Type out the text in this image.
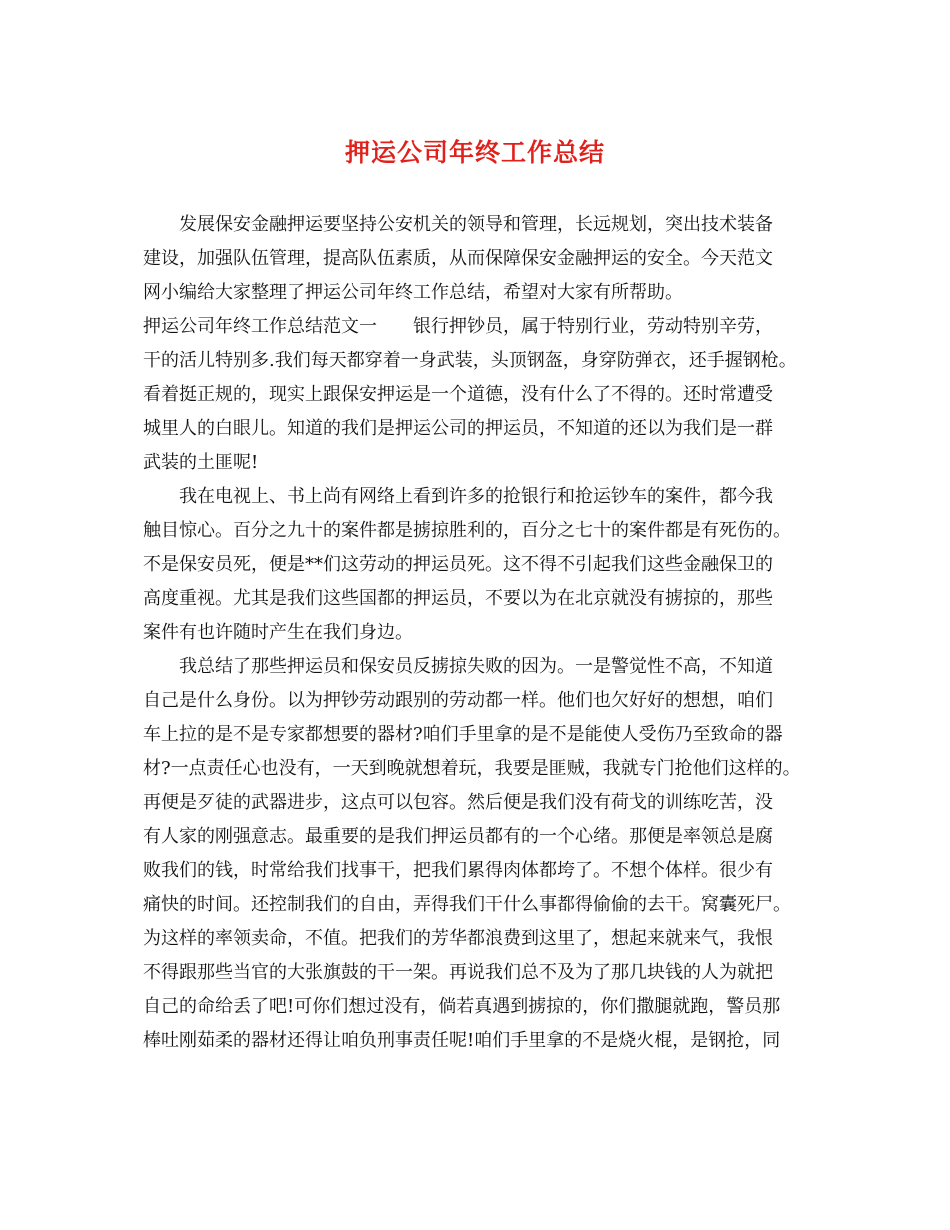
押运公司年终工作总结
发展保安金融押运要坚持公安机关的领导和管理，长远规划，突出技术装备
建设，加强队伍管理，提高队伍素质，从而保障保安金融押运的安全。今天范文
网小编给大家整理了押运公司年终工作总结，希望对大家有所帮助。
押运公司年终工作总结范文一　　银行押钞员，属于特别行业，劳动特别辛劳，
干的活儿特别多.我们每天都穿着一身武装，头顶钢盔，身穿防弹衣，还手握钢枪。
看着挺正规的，现实上跟保安押运是一个道德，没有什么了不得的。还时常遭受
城里人的白眼儿。知道的我们是押运公司的押运员，不知道的还以为我们是一群
武装的土匪呢!
我在电视上、书上尚有网络上看到许多的抢银行和抢运钞车的案件，都今我
触目惊心。百分之九十的案件都是掳掠胜利的，百分之七十的案件都是有死伤的。
不是保安员死，便是**们这劳动的押运员死。这不得不引起我们这些金融保卫的
高度重视。尤其是我们这些国都的押运员，不要以为在北京就没有掳掠的，那些
案件有也许随时产生在我们身边。
我总结了那些押运员和保安员反掳掠失败的因为。一是警觉性不高，不知道
自己是什么身份。以为押钞劳动跟别的劳动都一样。他们也欠好好的想想，咱们
车上拉的是不是专家都想要的器材?咱们手里拿的是不是能使人受伤乃至致命的器
材?一点责任心也没有，一天到晚就想着玩，我要是匪贼，我就专门抢他们这样的。
再便是歹徒的武器进步，这点可以包容。然后便是我们没有荷戈的训练吃苦，没
有人家的刚强意志。最重要的是我们押运员都有的一个心绪。那便是率领总是腐
败我们的钱，时常给我们找事干，把我们累得肉体都垮了。不想个体样。很少有
痛快的时间。还控制我们的自由，弄得我们干什么事都得偷偷的去干。窝囊死尸。
为这样的率领卖命，不值。把我们的芳华都浪费到这里了，想起来就来气，我恨
不得跟那些当官的大张旗鼓的干一架。再说我们总不及为了那几块钱的人为就把
自己的命给丢了吧!可你们想过没有，倘若真遇到掳掠的，你们撒腿就跑，警员那
棒吐刚茹柔的器材还得让咱负刑事责任呢!咱们手里拿的不是烧火棍，是钢抢，同
